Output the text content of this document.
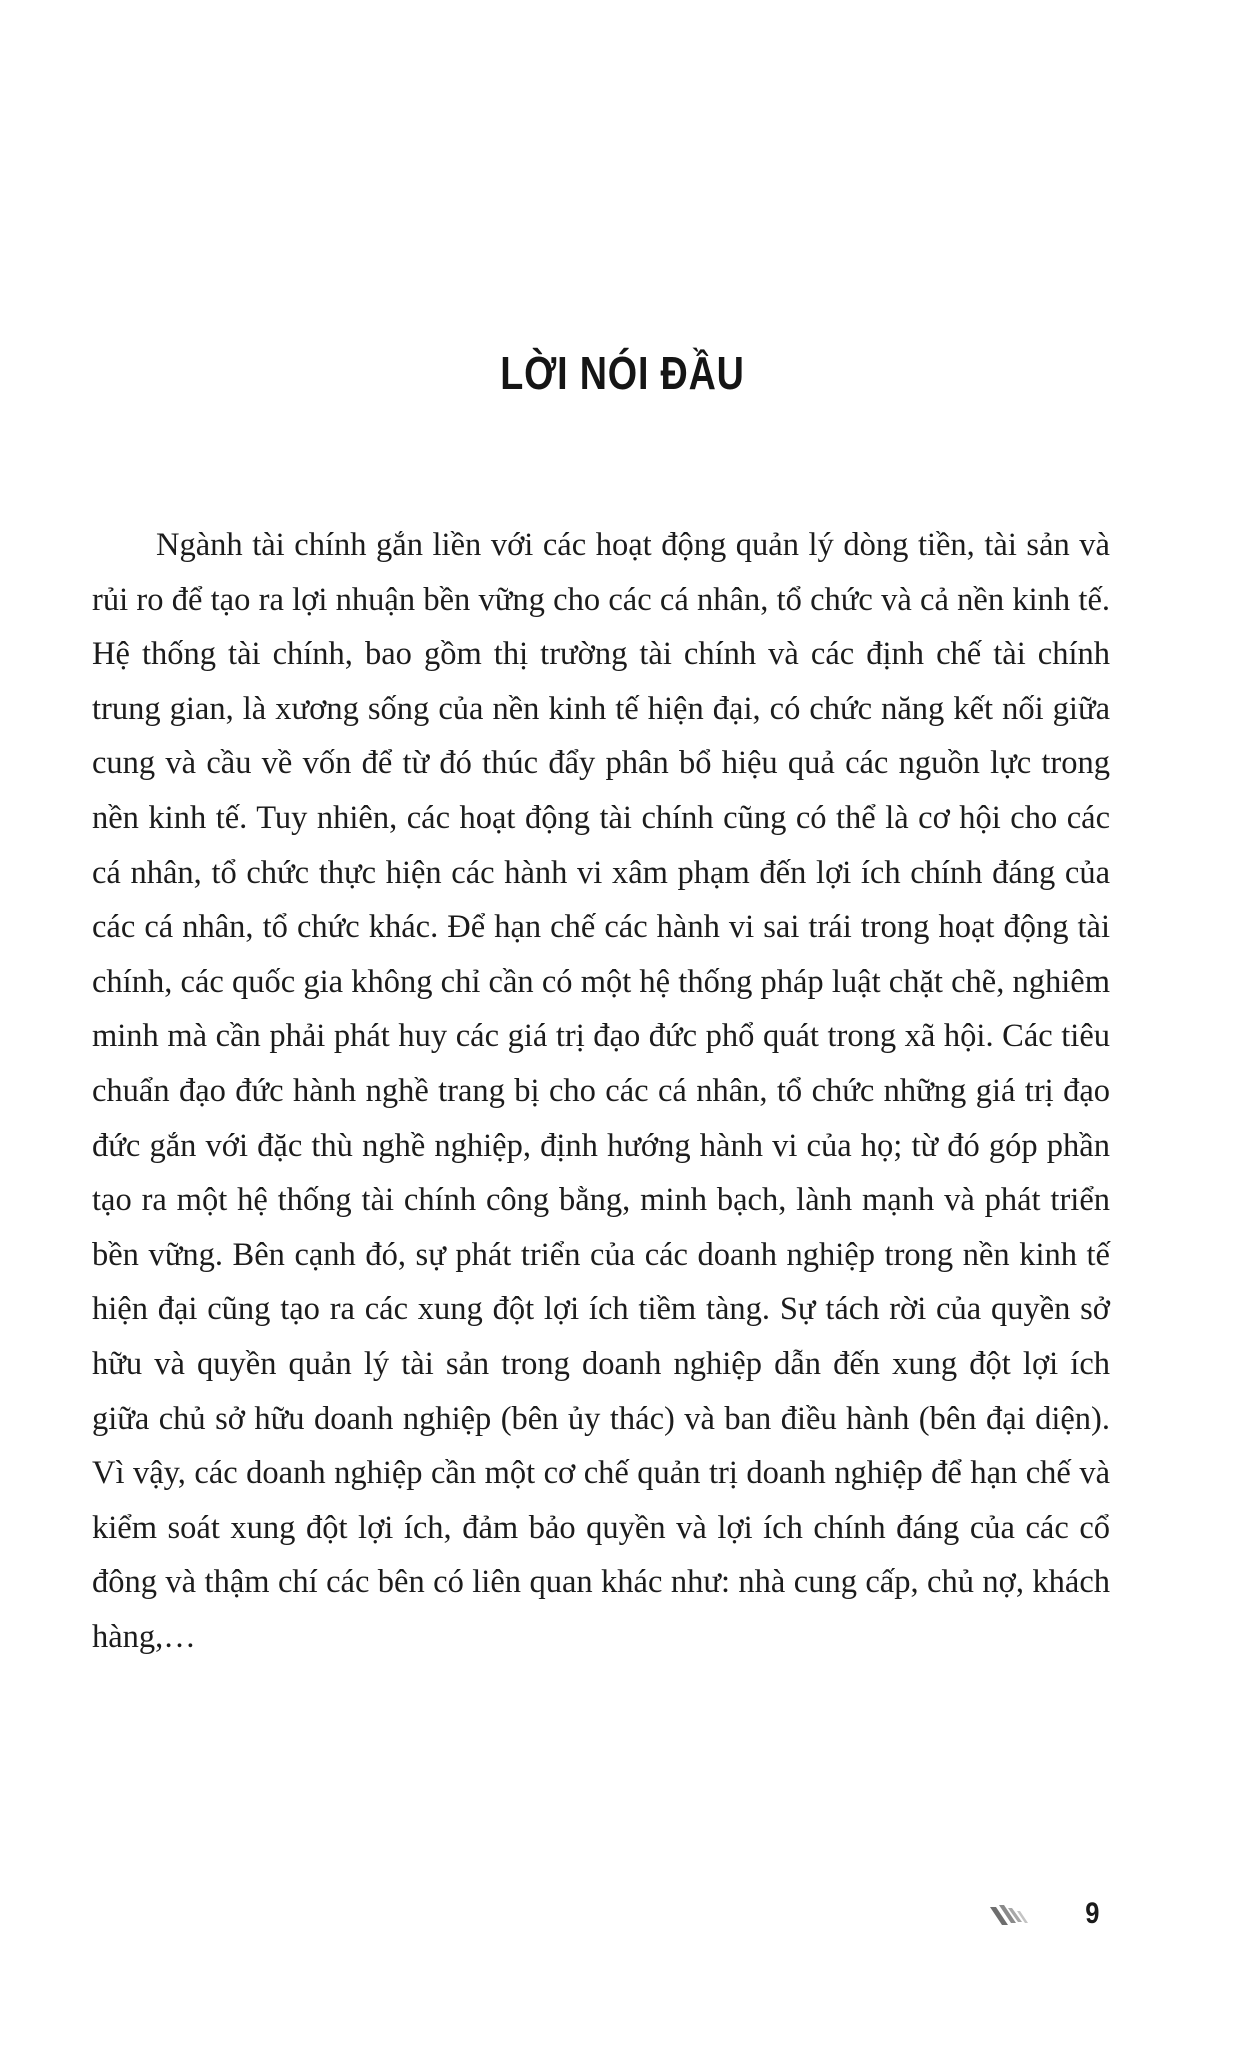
LỜI NÓI ĐẦU

Ngành tài chính gắn liền với các hoạt động quản lý dòng tiền, tài sản và rủi ro để tạo ra lợi nhuận bền vững cho các cá nhân, tổ chức và cả nền kinh tế. Hệ thống tài chính, bao gồm thị trường tài chính và các định chế tài chính trung gian, là xương sống của nền kinh tế hiện đại, có chức năng kết nối giữa cung và cầu về vốn để từ đó thúc đẩy phân bổ hiệu quả các nguồn lực trong nền kinh tế. Tuy nhiên, các hoạt động tài chính cũng có thể là cơ hội cho các cá nhân, tổ chức thực hiện các hành vi xâm phạm đến lợi ích chính đáng của các cá nhân, tổ chức khác. Để hạn chế các hành vi sai trái trong hoạt động tài chính, các quốc gia không chỉ cần có một hệ thống pháp luật chặt chẽ, nghiêm minh mà cần phải phát huy các giá trị đạo đức phổ quát trong xã hội. Các tiêu chuẩn đạo đức hành nghề trang bị cho các cá nhân, tổ chức những giá trị đạo đức gắn với đặc thù nghề nghiệp, định hướng hành vi của họ; từ đó góp phần tạo ra một hệ thống tài chính công bằng, minh bạch, lành mạnh và phát triển bền vững. Bên cạnh đó, sự phát triển của các doanh nghiệp trong nền kinh tế hiện đại cũng tạo ra các xung đột lợi ích tiềm tàng. Sự tách rời của quyền sở hữu và quyền quản lý tài sản trong doanh nghiệp dẫn đến xung đột lợi ích giữa chủ sở hữu doanh nghiệp (bên ủy thác) và ban điều hành (bên đại diện). Vì vậy, các doanh nghiệp cần một cơ chế quản trị doanh nghiệp để hạn chế và kiểm soát xung đột lợi ích, đảm bảo quyền và lợi ích chính đáng của các cổ đông và thậm chí các bên có liên quan khác như: nhà cung cấp, chủ nợ, khách hàng,…

9
